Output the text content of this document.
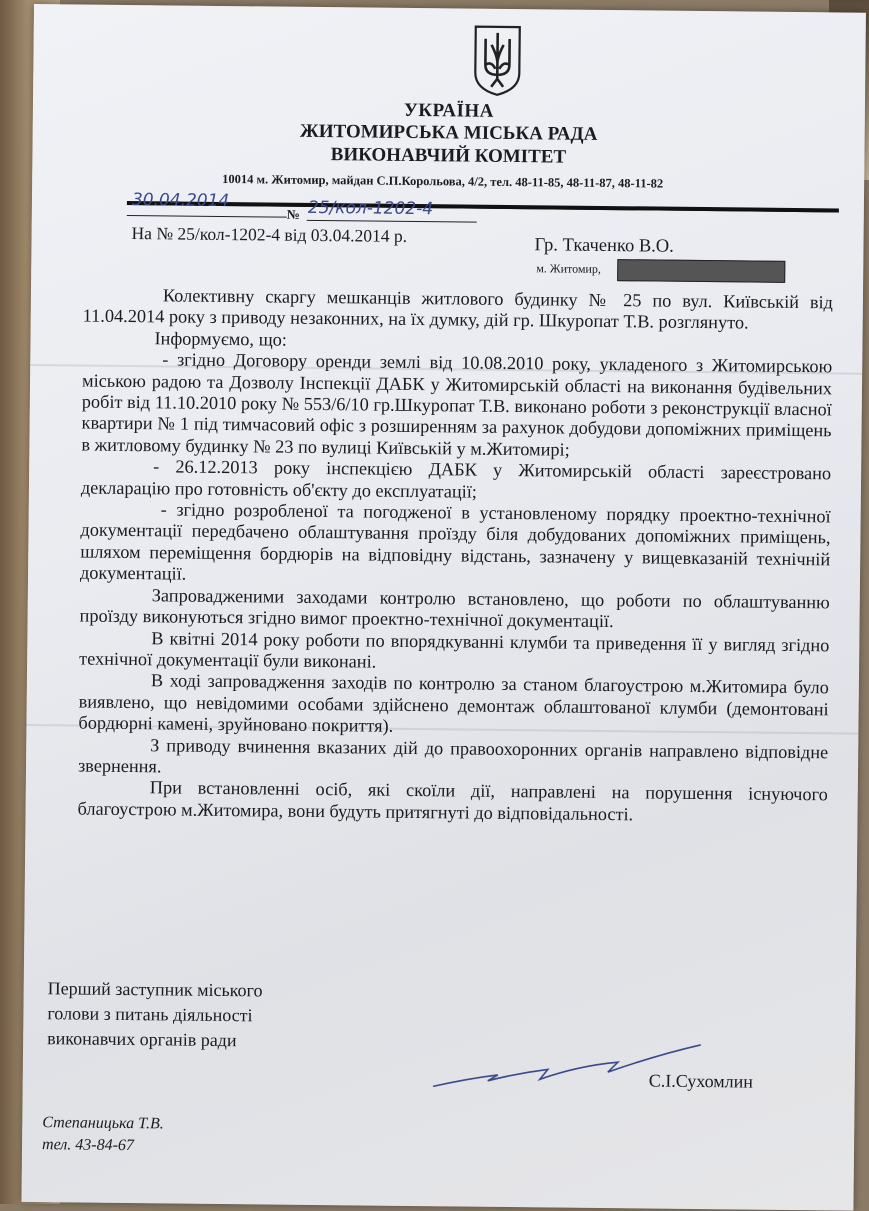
УКРАЇНА
ЖИТОМИРСЬКА МІСЬКА РАДА
ВИКОНАВЧИЙ КОМІТЕТ
10014 м. Житомир, майдан С.П.Корольова, 4/2, тел. 48-11-85, 48-11-87, 48-11-82
30.04.2014
№ 25/кол-1202-4
На № 25/кол-1202-4 від 03.04.2014 р.
Гр. Ткаченко В.О.
м. Житомир,

Колективну скаргу мешканців житлового будинку № 25 по вул. Київській від 11.04.2014 року з приводу незаконних, на їх думку, дій гр. Шкуропат Т.В. розглянуто.

Інформуємо, що:

- згідно Договору оренди землі від 10.08.2010 року, укладеного з Житомирською міською радою та Дозволу Інспекції ДАБК у Житомирській області на виконання будівельних робіт від 11.10.2010 року № 553/6/10 гр.Шкуропат Т.В. виконано роботи з реконструкції власної квартири № 1 під тимчасовий офіс з розширенням за рахунок добудови допоміжних приміщень в житловому будинку № 23 по вулиці Київській у м.Житомирі;

- 26.12.2013 року інспекцією ДАБК у Житомирській області зареєстровано декларацію про готовність об'єкту до експлуатації;

- згідно розробленої та погодженої в установленому порядку проектно-технічної документації передбачено облаштування проїзду біля добудованих допоміжних приміщень, шляхом переміщення бордюрів на відповідну відстань, зазначену у вищевказаній технічній документації.

Запровадженими заходами контролю встановлено, що роботи по облаштуванню проїзду виконуються згідно вимог проектно-технічної документації.

В квітні 2014 року роботи по впорядкуванні клумби та приведення її у вигляд згідно технічної документації були виконані.

В ході запровадження заходів по контролю за станом благоустрою м.Житомира було виявлено, що невідомими особами здійснено демонтаж облаштованої клумби (демонтовані бордюрні камені, зруйновано покриття).

З приводу вчинення вказаних дій до правоохоронних органів направлено відповідне звернення.

При встановленні осіб, які скоїли дії, направлені на порушення існуючого благоустрою м.Житомира, вони будуть притягнуті до відповідальності.

Перший заступник міського
голови з питань діяльності
виконавчих органів ради
С.І.Сухомлин
Степаницька Т.В.
тел. 43-84-67
